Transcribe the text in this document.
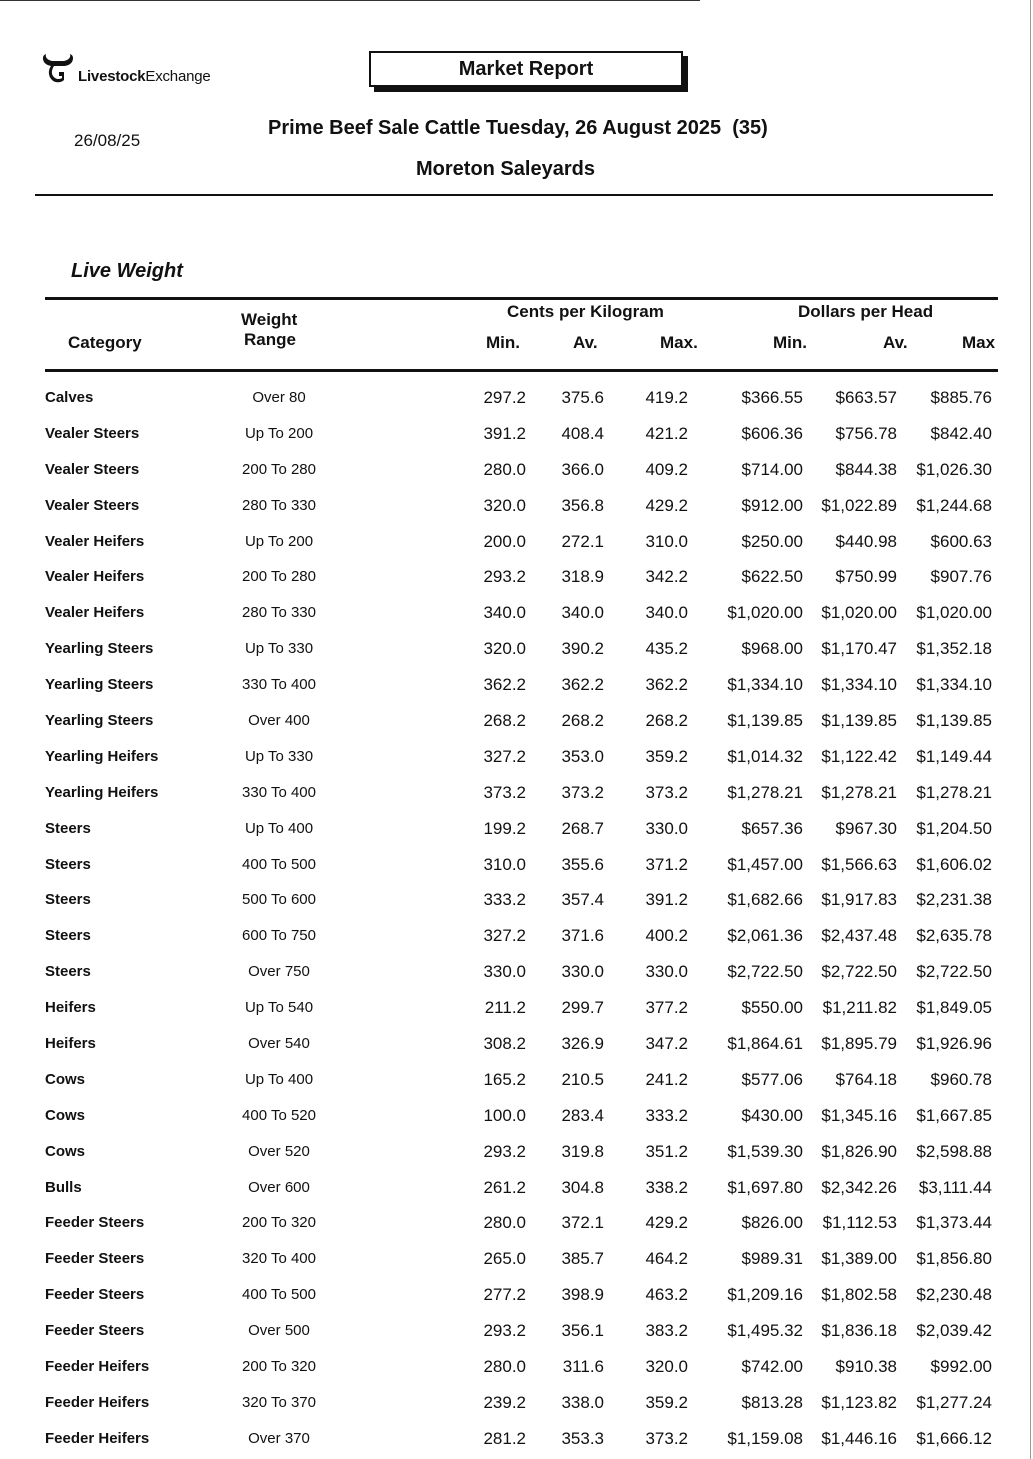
LivestockExchange	Market Report
26/08/25
Prime Beef Sale Cattle Tuesday, 26 August 2025  (35)
Moreton Saleyards
Live Weight
Category
Weight
Range
Cents per Kilogram	Dollars per Head
Min.	Av.	Max.	Min.	Av.	Max
Calves	Over 80	297.2	375.6	419.2	$366.55	$663.57	$885.76
Vealer Steers	Up To 200	391.2	408.4	421.2	$606.36	$756.78	$842.40
Vealer Steers	200 To 280	280.0	366.0	409.2	$714.00	$844.38	$1,026.30
Vealer Steers	280 To 330	320.0	356.8	429.2	$912.00	$1,022.89	$1,244.68
Vealer Heifers	Up To 200	200.0	272.1	310.0	$250.00	$440.98	$600.63
Vealer Heifers	200 To 280	293.2	318.9	342.2	$622.50	$750.99	$907.76
Vealer Heifers	280 To 330	340.0	340.0	340.0	$1,020.00	$1,020.00	$1,020.00
Yearling Steers	Up To 330	320.0	390.2	435.2	$968.00	$1,170.47	$1,352.18
Yearling Steers	330 To 400	362.2	362.2	362.2	$1,334.10	$1,334.10	$1,334.10
Yearling Steers	Over 400	268.2	268.2	268.2	$1,139.85	$1,139.85	$1,139.85
Yearling Heifers	Up To 330	327.2	353.0	359.2	$1,014.32	$1,122.42	$1,149.44
Yearling Heifers	330 To 400	373.2	373.2	373.2	$1,278.21	$1,278.21	$1,278.21
Steers	Up To 400	199.2	268.7	330.0	$657.36	$967.30	$1,204.50
Steers	400 To 500	310.0	355.6	371.2	$1,457.00	$1,566.63	$1,606.02
Steers	500 To 600	333.2	357.4	391.2	$1,682.66	$1,917.83	$2,231.38
Steers	600 To 750	327.2	371.6	400.2	$2,061.36	$2,437.48	$2,635.78
Steers	Over 750	330.0	330.0	330.0	$2,722.50	$2,722.50	$2,722.50
Heifers	Up To 540	211.2	299.7	377.2	$550.00	$1,211.82	$1,849.05
Heifers	Over 540	308.2	326.9	347.2	$1,864.61	$1,895.79	$1,926.96
Cows	Up To 400	165.2	210.5	241.2	$577.06	$764.18	$960.78
Cows	400 To 520	100.0	283.4	333.2	$430.00	$1,345.16	$1,667.85
Cows	Over 520	293.2	319.8	351.2	$1,539.30	$1,826.90	$2,598.88
Bulls	Over 600	261.2	304.8	338.2	$1,697.80	$2,342.26	$3,111.44
Feeder Steers	200 To 320	280.0	372.1	429.2	$826.00	$1,112.53	$1,373.44
Feeder Steers	320 To 400	265.0	385.7	464.2	$989.31	$1,389.00	$1,856.80
Feeder Steers	400 To 500	277.2	398.9	463.2	$1,209.16	$1,802.58	$2,230.48
Feeder Steers	Over 500	293.2	356.1	383.2	$1,495.32	$1,836.18	$2,039.42
Feeder Heifers	200 To 320	280.0	311.6	320.0	$742.00	$910.38	$992.00
Feeder Heifers	320 To 370	239.2	338.0	359.2	$813.28	$1,123.82	$1,277.24
Feeder Heifers	Over 370	281.2	353.3	373.2	$1,159.08	$1,446.16	$1,666.12
